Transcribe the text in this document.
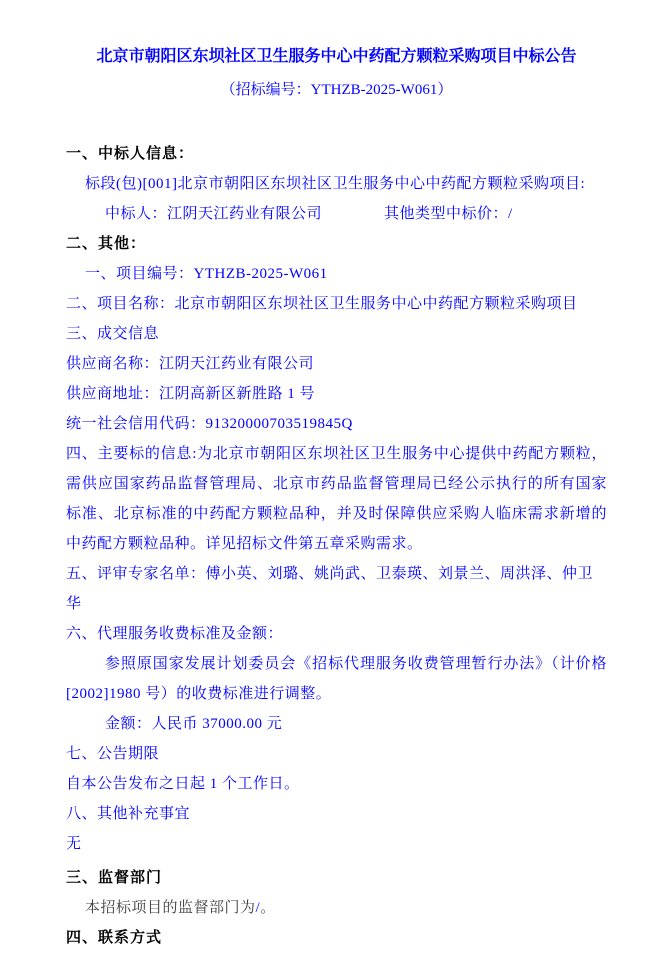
北京市朝阳区东坝社区卫生服务中心中药配方颗粒采购项目中标公告
（招标编号：YTHZB-2025-W061）
一、中标人信息：
标段(包)[001]北京市朝阳区东坝社区卫生服务中心中药配方颗粒采购项目:
中标人：江阴天江药业有限公司	其他类型中标价：/
二、其他：
一、项目编号：YTHZB-2025-W061
二、项目名称：北京市朝阳区东坝社区卫生服务中心中药配方颗粒采购项目
三、成交信息
供应商名称：江阴天江药业有限公司
供应商地址：江阴高新区新胜路 1 号
统一社会信用代码：91320000703519845Q
四、主要标的信息:为北京市朝阳区东坝社区卫生服务中心提供中药配方颗粒，需供应国家药品监督管理局、北京市药品监督管理局已经公示执行的所有国家标准、北京标准的中药配方颗粒品种，并及时保障供应采购人临床需求新增的中药配方颗粒品种。详见招标文件第五章采购需求。
五、评审专家名单：傅小英、刘璐、姚尚武、卫泰瑛、刘景兰、周洪泽、仲卫华
六、代理服务收费标准及金额：
参照原国家发展计划委员会《招标代理服务收费管理暂行办法》（计价格[2002]1980 号）的收费标准进行调整。
金额：人民币 37000.00 元
七、公告期限
自本公告发布之日起 1 个工作日。
八、其他补充事宜
无
三、监督部门
本招标项目的监督部门为/。
四、联系方式
